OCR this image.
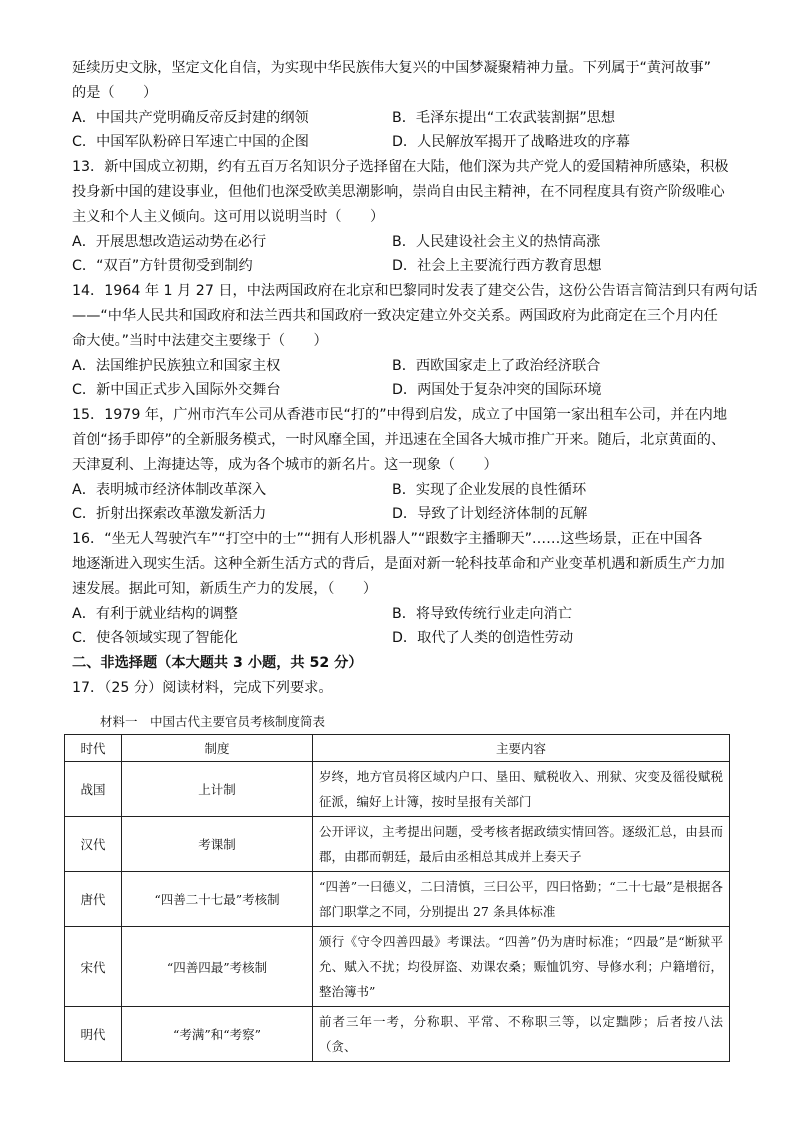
延续历史文脉，坚定文化自信，为实现中华民族伟大复兴的中国梦凝聚精神力量。下列属于“黄河故事”
的是（　　）
A．中国共产党明确反帝反封建的纲领	B．毛泽东提出“工农武装割据”思想
C．中国军队粉碎日军速亡中国的企图	D．人民解放军揭开了战略进攻的序幕
13．新中国成立初期，约有五百万名知识分子选择留在大陆，他们深为共产党人的爱国精神所感染，积极
投身新中国的建设事业，但他们也深受欧美思潮影响，崇尚自由民主精神，在不同程度具有资产阶级唯心
主义和个人主义倾向。这可用以说明当时（　　）
A．开展思想改造运动势在必行	B．人民建设社会主义的热情高涨
C．“双百”方针贯彻受到制约	D．社会上主要流行西方教育思想
14．1964 年 1 月 27 日，中法两国政府在北京和巴黎同时发表了建交公告，这份公告语言简洁到只有两句话
——“中华人民共和国政府和法兰西共和国政府一致决定建立外交关系。两国政府为此商定在三个月内任
命大使。”当时中法建交主要缘于（　　）
A．法国维护民族独立和国家主权	B．西欧国家走上了政治经济联合
C．新中国正式步入国际外交舞台	D．两国处于复杂冲突的国际环境
15．1979 年，广州市汽车公司从香港市民“打的”中得到启发，成立了中国第一家出租车公司，并在内地
首创“扬手即停”的全新服务模式，一时风靡全国，并迅速在全国各大城市推广开来。随后，北京黄面的、
天津夏利、上海捷达等，成为各个城市的新名片。这一现象（　　）
A．表明城市经济体制改革深入	B．实现了企业发展的良性循环
C．折射出探索改革激发新活力	D．导致了计划经济体制的瓦解
16．“坐无人驾驶汽车”“打空中的士”“拥有人形机器人”“跟数字主播聊天”……这些场景，正在中国各
地逐渐进入现实生活。这种全新生活方式的背后，是面对新一轮科技革命和产业变革机遇和新质生产力加
速发展。据此可知，新质生产力的发展，（　　）
A．有利于就业结构的调整	B．将导致传统行业走向消亡
C．使各领域实现了智能化	D．取代了人类的创造性劳动
二、非选择题（本大题共 3 小题，共 52 分）
17．（25 分）阅读材料，完成下列要求。
材料一　中国古代主要官员考核制度简表
时代	制度	主要内容
战国	上计制	岁终，地方官员将区域内户口、垦田、赋税收入、刑狱、灾变及徭役赋税征派，编好上计簿，按时呈报有关部门
汉代	考课制	公开评议，主考提出问题，受考核者据政绩实情回答。逐级汇总，由县而郡，由郡而朝廷，最后由丞相总其成并上奏天子
唐代	“四善二十七最”考核制	“四善”一曰德义，二曰清慎，三曰公平，四曰恪勤；“二十七最”是根据各部门职掌之不同，分别提出 27 条具体标准
宋代	“四善四最”考核制	颁行《守令四善四最》考课法。“四善”仍为唐时标准；“四最”是“断狱平允、赋入不扰；均役屏盗、劝课农桑；赈恤饥穷、导修水利；户籍增衍，整治簿书”
明代	“考满”和“考察”	前者三年一考，分称职、平常、不称职三等，以定黜陟；后者按八法（贪、
